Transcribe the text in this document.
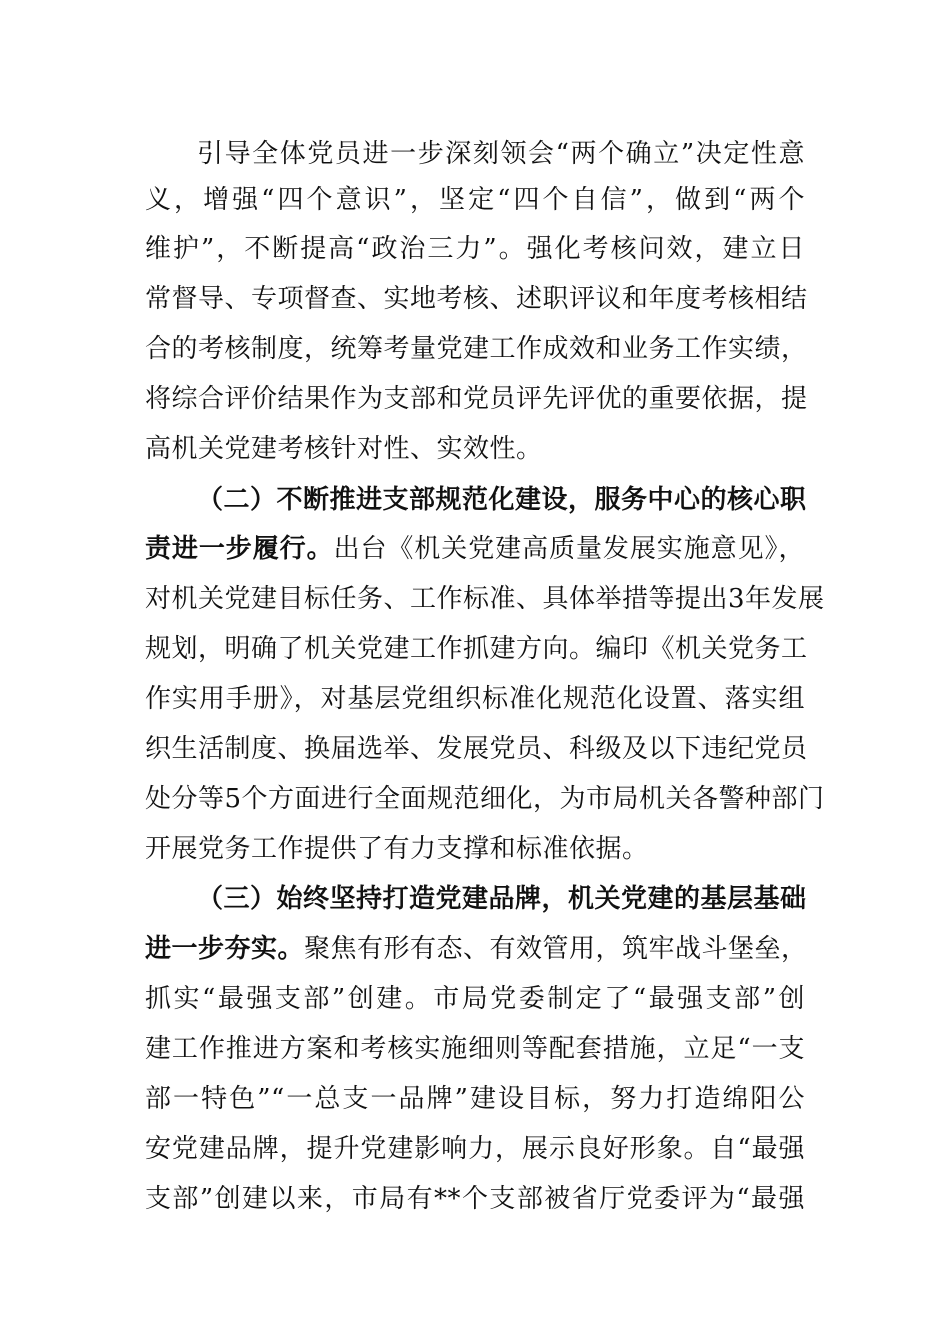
引导全体党员进一步深刻领会“两个确立”决定性意
义，增强“四个意识”，坚定“四个自信”，做到“两个
维护”，不断提高“政治三力”。强化考核问效，建立日
常督导、专项督查、实地考核、述职评议和年度考核相结
合的考核制度，统筹考量党建工作成效和业务工作实绩，
将综合评价结果作为支部和党员评先评优的重要依据，提
高机关党建考核针对性、实效性。
（二）不断推进支部规范化建设，服务中心的核心职
责进一步履行。出台《机关党建高质量发展实施意见》，
对机关党建目标任务、工作标准、具体举措等提出3年发展
规划，明确了机关党建工作抓建方向。编印《机关党务工
作实用手册》，对基层党组织标准化规范化设置、落实组
织生活制度、换届选举、发展党员、科级及以下违纪党员
处分等5个方面进行全面规范细化，为市局机关各警种部门
开展党务工作提供了有力支撑和标准依据。
（三）始终坚持打造党建品牌，机关党建的基层基础
进一步夯实。聚焦有形有态、有效管用，筑牢战斗堡垒，
抓实“最强支部”创建。市局党委制定了“最强支部”创
建工作推进方案和考核实施细则等配套措施，立足“一支
部一特色”“一总支一品牌”建设目标，努力打造绵阳公
安党建品牌，提升党建影响力，展示良好形象。自“最强
支部”创建以来，市局有**个支部被省厅党委评为“最强
